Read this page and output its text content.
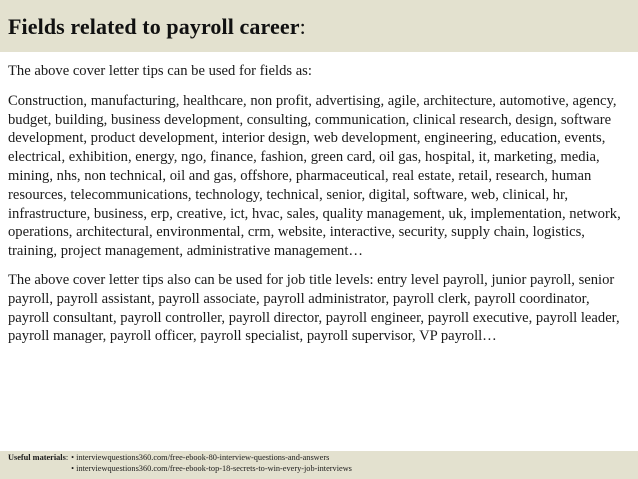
Fields related to payroll career:

The above cover letter tips can be used for fields as:

Construction, manufacturing, healthcare, non profit, advertising, agile, architecture, automotive, agency, budget, building, business development, consulting, communication, clinical research, design, software development, product development, interior design, web development, engineering, education, events, electrical, exhibition, energy, ngo, finance, fashion, green card, oil gas, hospital, it, marketing, media, mining, nhs, non technical, oil and gas, offshore, pharmaceutical, real estate, retail, research, human resources, telecommunications, technology, technical, senior, digital, software, web, clinical, hr, infrastructure, business, erp, creative, ict, hvac, sales, quality management, uk, implementation, network, operations, architectural, environmental, crm, website, interactive, security, supply chain, logistics, training, project management, administrative management…

The above cover letter tips also can be used for job title levels: entry level payroll, junior payroll, senior payroll, payroll assistant, payroll associate, payroll administrator, payroll clerk, payroll coordinator, payroll consultant, payroll controller, payroll director, payroll engineer, payroll executive, payroll leader, payroll manager, payroll officer, payroll specialist, payroll supervisor, VP payroll…

Useful materials: • interviewquestions360.com/free-ebook-80-interview-questions-and-answers
• interviewquestions360.com/free-ebook-top-18-secrets-to-win-every-job-interviews
